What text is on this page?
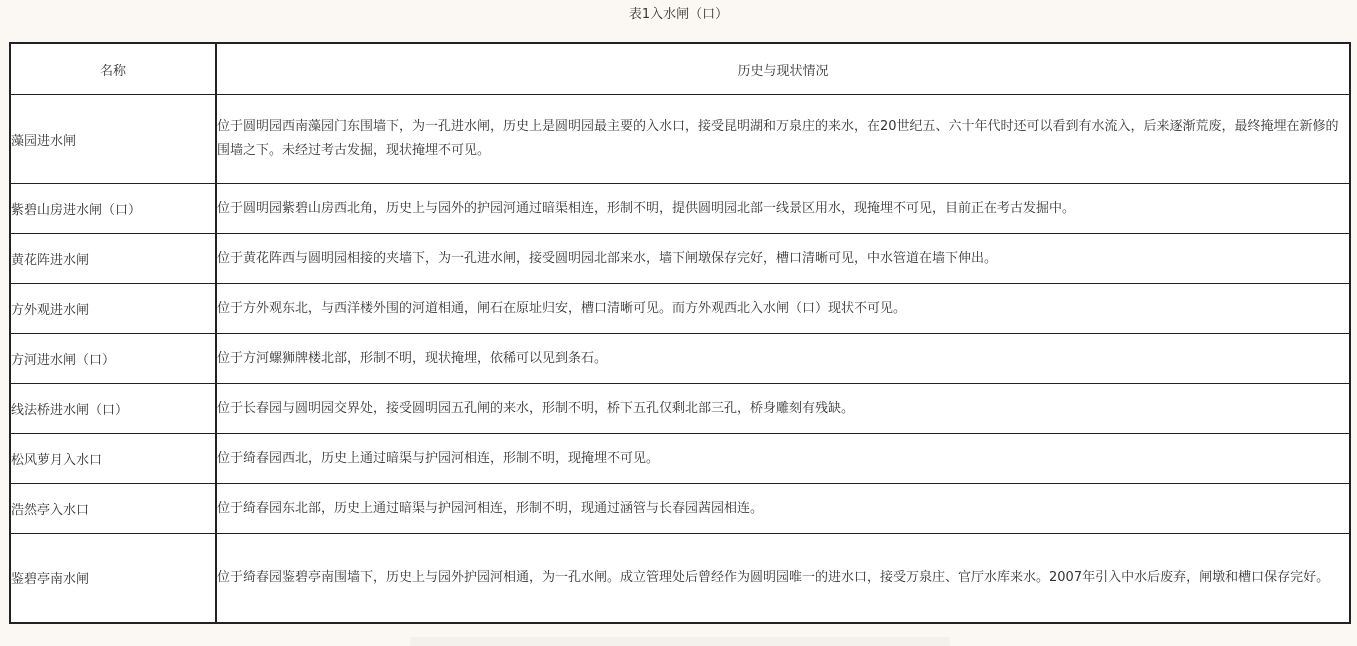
表1入水闸（口）
名称	历史与现状情况
藻园进水闸	位于圆明园西南藻园门东围墙下，为一孔进水闸，历史上是圆明园最主要的入水口，接受昆明湖和万泉庄的来水，在20世纪五、六十年代时还可以看到有水流入，后来逐渐荒废，最终掩埋在新修的围墙之下。未经过考古发掘，现状掩埋不可见。
紫碧山房进水闸（口）	位于圆明园紫碧山房西北角，历史上与园外的护园河通过暗渠相连，形制不明，提供圆明园北部一线景区用水，现掩埋不可见，目前正在考古发掘中。
黄花阵进水闸	位于黄花阵西与圆明园相接的夹墙下，为一孔进水闸，接受圆明园北部来水，墙下闸墩保存完好，槽口清晰可见，中水管道在墙下伸出。
方外观进水闸	位于方外观东北，与西洋楼外围的河道相通，闸石在原址归安，槽口清晰可见。而方外观西北入水闸（口）现状不可见。
方河进水闸（口）	位于方河螺狮牌楼北部，形制不明，现状掩埋，依稀可以见到条石。
线法桥进水闸（口）	位于长春园与圆明园交界处，接受圆明园五孔闸的来水，形制不明，桥下五孔仅剩北部三孔，桥身雕刻有残缺。
松风萝月入水口	位于绮春园西北，历史上通过暗渠与护园河相连，形制不明，现掩埋不可见。
浩然亭入水口	位于绮春园东北部，历史上通过暗渠与护园河相连，形制不明，现通过涵管与长春园茜园相连。
鉴碧亭南水闸	位于绮春园鉴碧亭南围墙下，历史上与园外护园河相通，为一孔水闸。成立管理处后曾经作为圆明园唯一的进水口，接受万泉庄、官厅水库来水。2007年引入中水后废弃，闸墩和槽口保存完好。
